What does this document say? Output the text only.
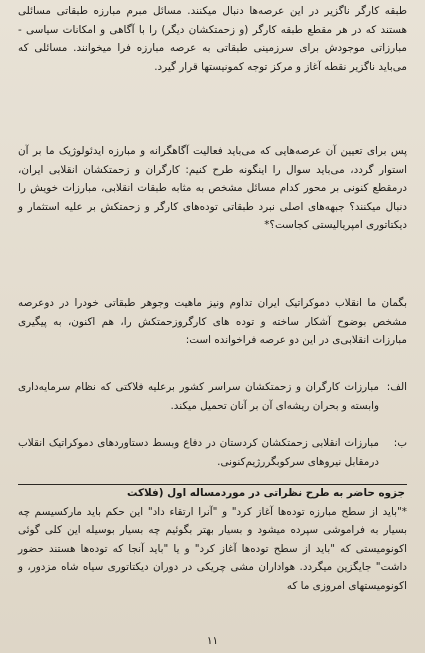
طبقه کارگر ناگزیر در این عرصه‌ها دنبال میکنند. مسائل مبرم مبارزه طبقاتی مسائلی هستند که در هر مقطع طبقه کارگر (و زحمتکشان دیگر) را با آگاهی و امکانات سیاسی - مبارزاتی موجودش برای سرزمینی طبقاتی به عرصه مبارزه فرا میخوانند. مسائلی که می‌باید ناگزیر نقطه آغاز و مرکز توجه کمونیستها قرار گیرد.
پس برای تعیین آن عرصه‌هایی که می‌باید فعالیت آگاهگرانه و مبارزه ایدئولوژیک ما بر آن استوار گردد، می‌باید سوال را اینگونه طرح کنیم: کارگران و زحمتکشان انقلابی ایران، درمقطع کنونی بر محور کدام مسائل مشخص به مثابه طبقات انقلابی، مبارزات خویش را دنبال میکنند؟ جبهه‌های اصلی نبرد طبقاتی توده‌های کارگر و زحمتکش بر علیه استثمار و دیکتاتوری امپریالیستی کجاست؟*
بگمان ما انقلاب دموکراتیک ایران تداوم ونیز ماهیت وجوهر طبقاتی خودرا در دوعرصه مشخص بوضوح آشکار ساخته و توده های کارگروزحمتکش را، هم اکنون، به پیگیری مبارزات انقلابی‌ی در این دو عرصه فراخوانده است:
الف:
مبارزات کارگران و زحمتکشان سراسر کشور برعلیه فلاکتی که نظام سرمایه‌داری وابسته و بحران ریشه‌ای آن بر آنان تحمیل میکند.
ب:
مبارزات انقلابی زحمتکشان کردستان در دفاع وبسط دستاوردهای دموکراتیک انقلاب درمقابل نیروهای سرکوبگررژیم‌کنونی.
جزوه حاضر به طرح نظراتی در موردمساله اول (فلاکت
*"باید از سطح مبارزه توده‌ها آغاز کرد" و "آنرا ارتقاء داد" این حکم باید مارکسیسم چه بسیار به فراموشی سپرده میشود و بسیار بهتر بگوئیم چه بسیار بوسیله این کلی گوئی اکونومیستی که "باید از سطح توده‌ها آغاز کرد" و یا "باید آنجا که توده‌ها هستند حضور داشت" جایگزین میگردد. هواداران مشی چریکی در دوران دیکتاتوری سیاه شاه مزدور، و اکونومیستهای امروزی ما که
۱۱
